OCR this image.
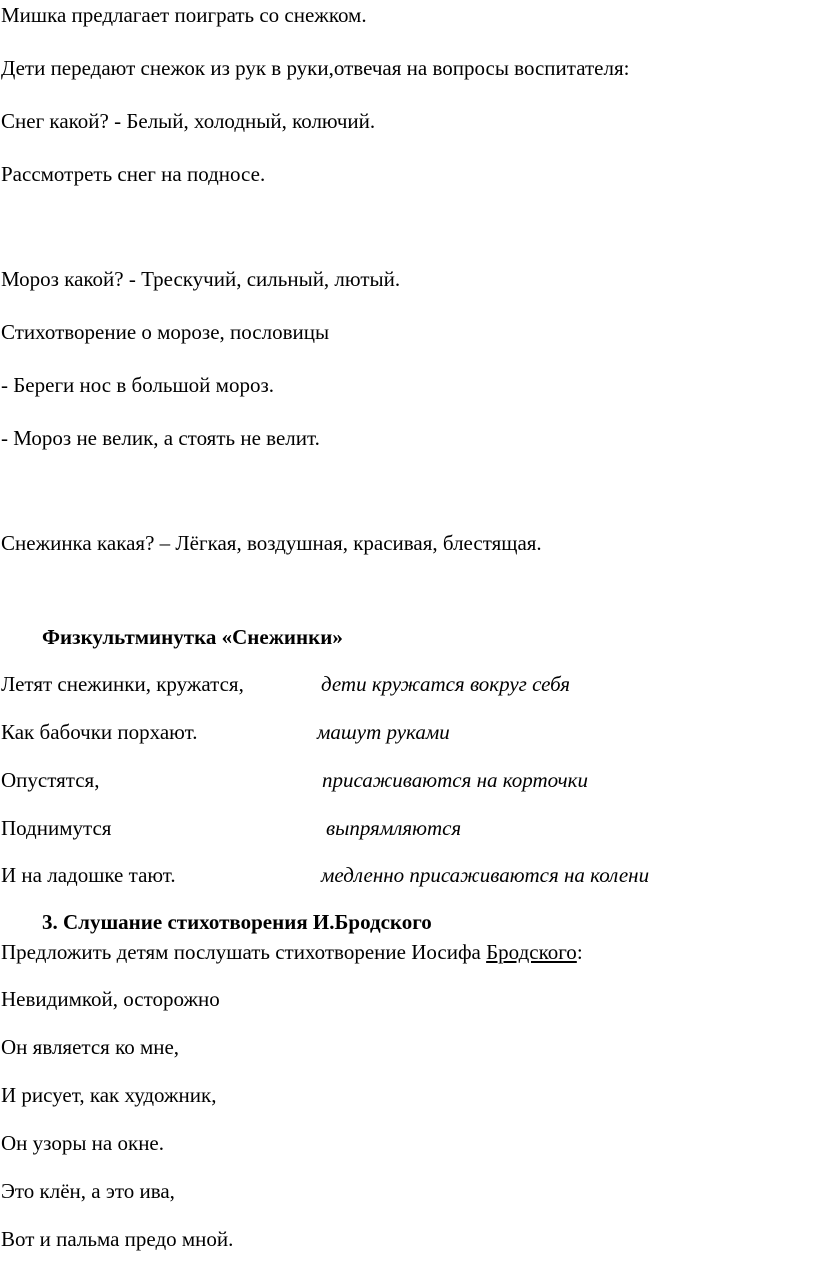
Мишка предлагает поиграть со снежком.
Дети передают снежок из рук в руки,отвечая на вопросы воспитателя:
Снег какой? - Белый, холодный, колючий.
Рассмотреть снег на подносе.
Мороз какой? - Трескучий, сильный, лютый.
Стихотворение о морозе, пословицы
- Береги нос в большой мороз.
- Мороз не велик, а стоять не велит.
Снежинка какая? – Лёгкая, воздушная, красивая, блестящая.
Физкультминутка «Снежинки»
Летят снежинки, кружатся,	дети кружатся вокруг себя
Как бабочки порхают.	машут руками
Опустятся,	присаживаются на корточки
Поднимутся	выпрямляются
И на ладошке тают.	медленно присаживаются на колени
3. Слушание стихотворения И.Бродского
Предложить детям послушать стихотворение Иосифа Бродского:
Невидимкой, осторожно
Он является ко мне,
И рисует, как художник,
Он узоры на окне.
Это клён, а это ива,
Вот и пальма предо мной.
